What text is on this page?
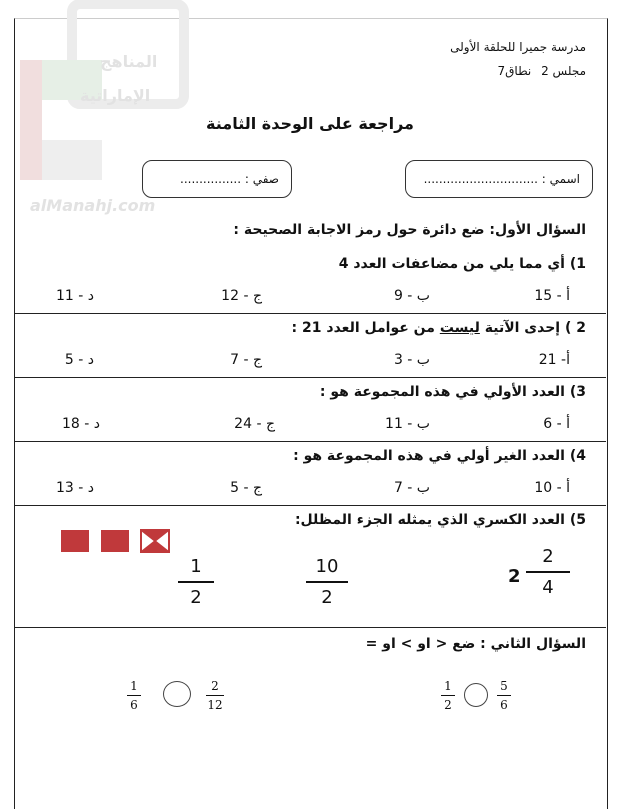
المناهج
الإماراتية
alManahj.com
مدرسة جميرا للحلقة الأولى
مجلس 2 نطاق7
مراجعة على الوحدة الثامنة
اسمي : ..............................
صفي : ................
السؤال الأول: ضع دائرة حول رمز الاجابة الصحيحة :
1) أي مما يلي من مضاعفات العدد 4
أ - 15
ب - 9
ج - 12
د - 11
2 ) إحدى الآتية ليست من عوامل العدد 21 :
أ- 21
ب - 3
ج - 7
د - 5
3) العدد الأولي في هذه المجموعة هو :
أ - 6
ب - 11
ج - 24
د - 18
4) العدد الغير أولي في هذه المجموعة هو :
أ - 10
ب - 7
ج - 5
د - 13
5) العدد الكسري الذي يمثله الجزء المظلل:
2
2
4
10
2
1
2
السؤال الثاني : ضع < او > او =
1
2
5
6
1
6
2
12
